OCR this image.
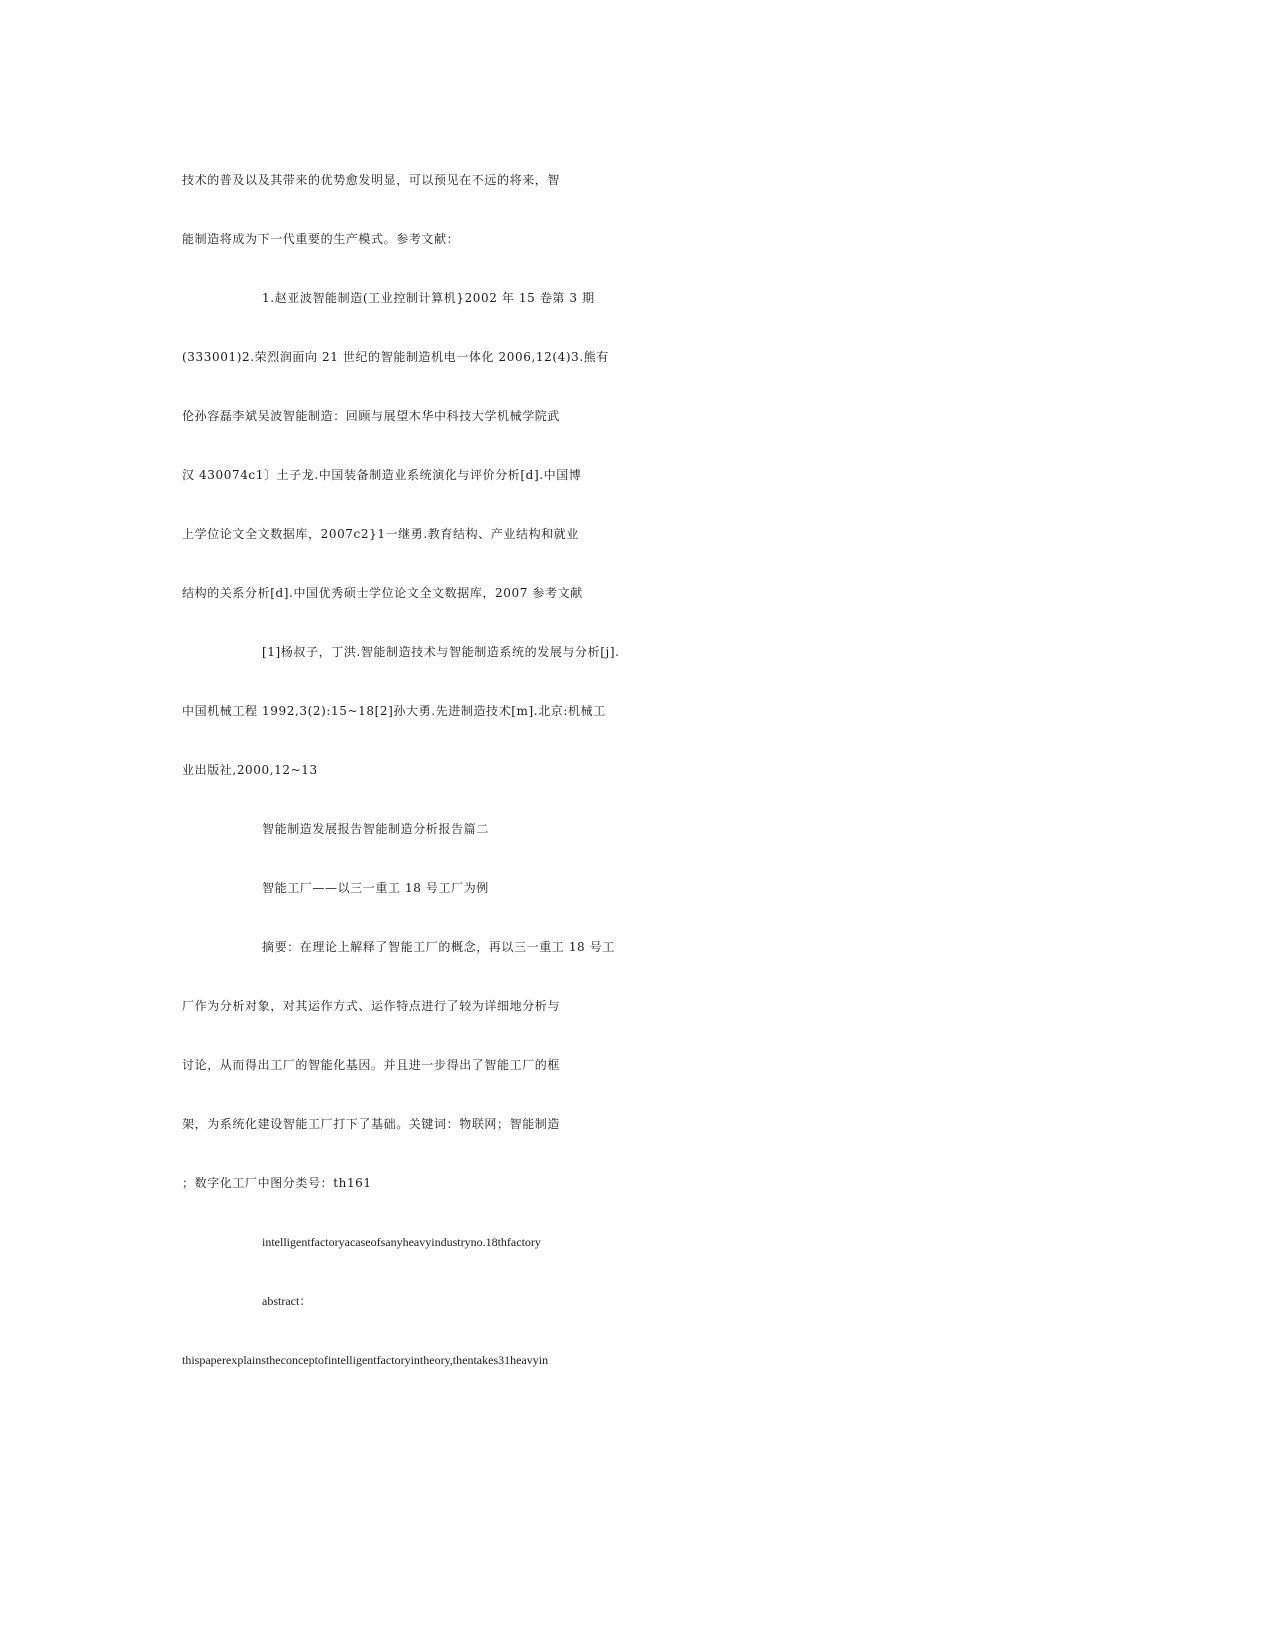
技术的普及以及其带来的优势愈发明显，可以预见在不远的将来，智
能制造将成为下一代重要的生产模式。参考文献：
1.赵亚波智能制造(工业控制计算机}2002 年 15 卷第 3 期
(333001)2.荣烈润面向 21 世纪的智能制造机电一体化 2006,12(4)3.熊有
伦孙容磊李斌吴波智能制造：回顾与展望木华中科技大学机械学院武
汉 430074c1〕土子龙.中国装备制造业系统演化与评价分析[d].中国博
上学位论文全文数据库，2007c2}1一继勇.教育结构、产业结构和就业
结构的关系分析[d].中国优秀硕士学位论文全文数据库，2007 参考文献
[1]杨叔子，丁洪.智能制造技术与智能制造系统的发展与分析[j].
中国机械工程 1992,3(2):15~18[2]孙大勇.先进制造技术[m].北京:机械工
业出版社,2000,12~13
智能制造发展报告智能制造分析报告篇二
智能工厂——以三一重工 18 号工厂为例
摘要：在理论上解释了智能工厂的概念，再以三一重工 18 号工
厂作为分析对象，对其运作方式、运作特点进行了较为详细地分析与
讨论，从而得出工厂的智能化基因。并且进一步得出了智能工厂的框
架，为系统化建设智能工厂打下了基础。关键词：物联网；智能制造
；数字化工厂中图分类号：th161
intelligentfactoryacaseofsanyheavyindustryno.18thfactory
abstract：
thispaperexplainstheconceptofintelligentfactoryintheory,thentakes31heavyin
